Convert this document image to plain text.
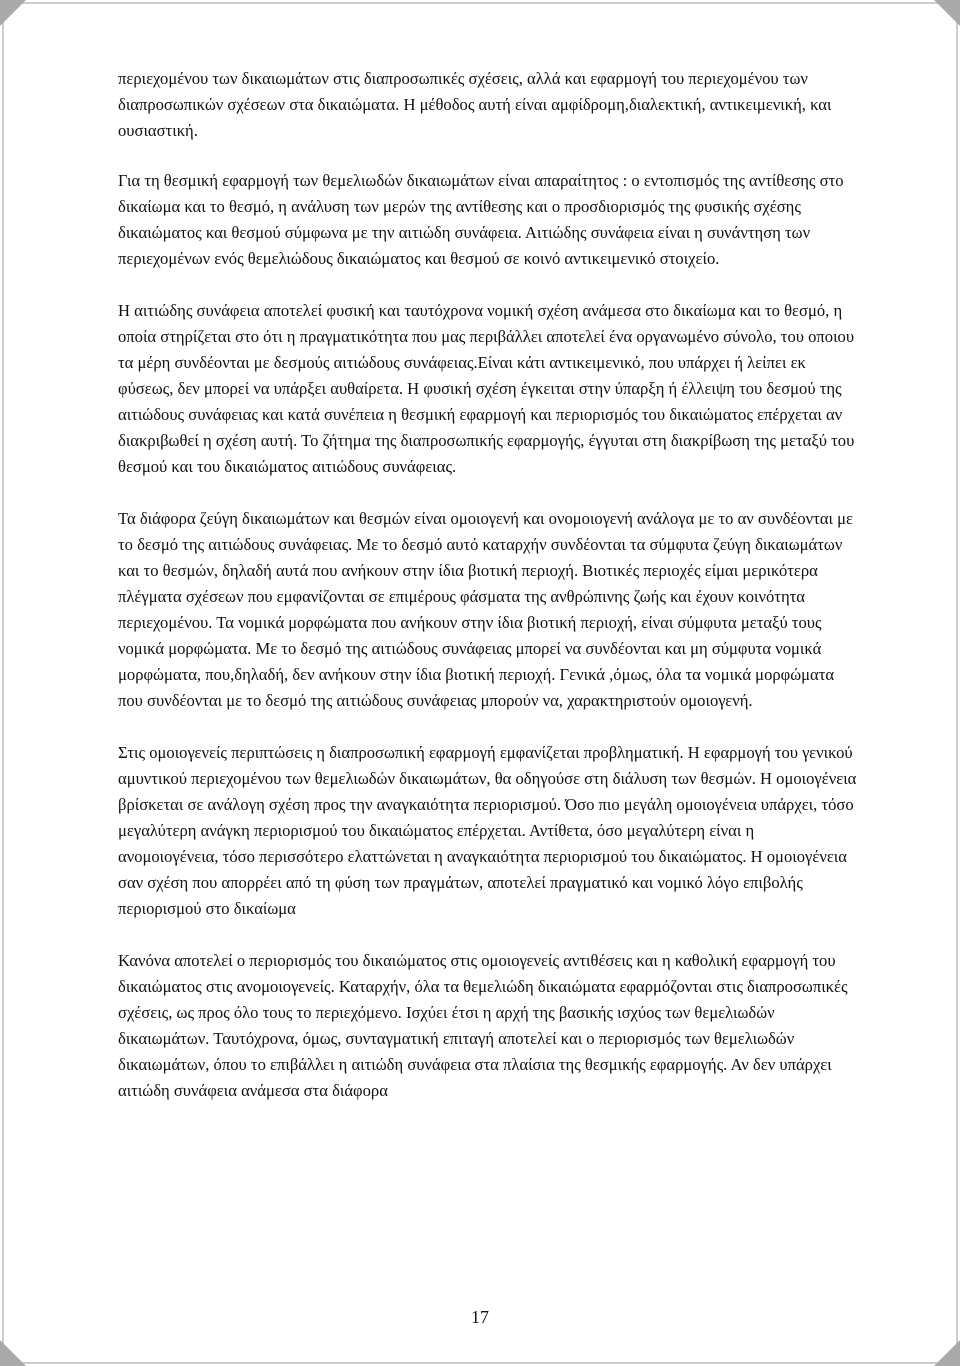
περιεχομένου των δικαιωμάτων στις διαπροσωπικές σχέσεις, αλλά και εφαρμογή του περιεχομένου των διαπροσωπικών σχέσεων στα δικαιώματα. Η μέθοδος αυτή είναι αμφίδρομη,διαλεκτική, αντικειμενική, και ουσιαστική.

Για τη θεσμική εφαρμογή των θεμελιωδών δικαιωμάτων είναι απαραίτητος : ο εντοπισμός της αντίθεσης στο δικαίωμα και το θεσμό, η ανάλυση των μερών της αντίθεσης και ο προσδιορισμός της φυσικής σχέσης δικαιώματος και θεσμού σύμφωνα με την αιτιώδη συνάφεια. Αιτιώδης συνάφεια είναι η συνάντηση των περιεχομένων ενός θεμελιώδους δικαιώματος και θεσμού σε κοινό αντικειμενικό στοιχείο.

Η αιτιώδης συνάφεια αποτελεί φυσική και ταυτόχρονα νομική σχέση ανάμεσα στο δικαίωμα και το θεσμό, η οποία στηρίζεται στο ότι η πραγματικότητα που μας περιβάλλει αποτελεί ένα οργανωμένο σύνολο, του οποιου τα μέρη συνδέονται με δεσμούς αιτιώδους συνάφειας.Είναι κάτι αντικειμενικό, που υπάρχει ή λείπει εκ φύσεως, δεν μπορεί να υπάρξει αυθαίρετα. Η φυσική σχέση έγκειται στην ύπαρξη ή έλλειψη του δεσμού της αιτιώδους συνάφειας και κατά συνέπεια η θεσμική εφαρμογή και περιορισμός του δικαιώματος επέρχεται αν διακριβωθεί η σχέση αυτή. Το ζήτημα της διαπροσωπικής εφαρμογής, έγγυται στη διακρίβωση της μεταξύ του θεσμού και του δικαιώματος αιτιώδους συνάφειας.

Τα διάφορα ζεύγη δικαιωμάτων και θεσμών είναι ομοιογενή και ονομοιογενή ανάλογα με το αν συνδέονται με το δεσμό της αιτιώδους συνάφειας. Με το δεσμό αυτό καταρχήν συνδέονται τα σύμφυτα ζεύγη δικαιωμάτων και το θεσμών, δηλαδή αυτά που ανήκουν στην ίδια βιοτική περιοχή. Βιοτικές περιοχές είμαι μερικότερα πλέγματα σχέσεων που εμφανίζονται σε επιμέρους φάσματα της ανθρώπινης ζωής και έχουν κοινότητα περιεχομένου. Τα νομικά μορφώματα που ανήκουν στην ίδια βιοτική περιοχή, είναι σύμφυτα μεταξύ τους νομικά μορφώματα. Με το δεσμό της αιτιώδους συνάφειας μπορεί να συνδέονται και μη σύμφυτα νομικά μορφώματα, που,δηλαδή, δεν ανήκουν στην ίδια βιοτική περιοχή. Γενικά ,όμως, όλα τα νομικά μορφώματα που συνδέονται με το δεσμό της αιτιώδους συνάφειας μπορούν να, χαρακτηριστούν ομοιογενή.

Στις ομοιογενείς περιπτώσεις η διαπροσωπική εφαρμογή εμφανίζεται προβληματική. Η εφαρμογή του γενικού αμυντικού περιεχομένου των θεμελιωδών δικαιωμάτων, θα οδηγούσε στη διάλυση των θεσμών. Η ομοιογένεια βρίσκεται σε ανάλογη σχέση προς την αναγκαιότητα περιορισμού. Όσο πιο μεγάλη ομοιογένεια υπάρχει, τόσο μεγαλύτερη ανάγκη περιορισμού του δικαιώματος επέρχεται. Αντίθετα, όσο μεγαλύτερη είναι η ανομοιογένεια, τόσο περισσότερο ελαττώνεται η αναγκαιότητα περιορισμού του δικαιώματος. Η ομοιογένεια σαν σχέση που απορρέει από τη φύση των πραγμάτων, αποτελεί πραγματικό και νομικό λόγο επιβολής περιορισμού στο δικαίωμα

Κανόνα αποτελεί ο περιορισμός του δικαιώματος στις ομοιογενείς αντιθέσεις και η καθολική εφαρμογή του δικαιώματος στις ανομοιογενείς. Καταρχήν, όλα τα θεμελιώδη δικαιώματα εφαρμόζονται στις διαπροσωπικές σχέσεις, ως προς όλο τους το περιεχόμενο. Ισχύει έτσι η αρχή της βασικής ισχύος των θεμελιωδών δικαιωμάτων. Ταυτόχρονα, όμως, συνταγματική επιταγή αποτελεί και ο περιορισμός των θεμελιωδών δικαιωμάτων, όπου το επιβάλλει η αιτιώδη συνάφεια στα πλαίσια της θεσμικής εφαρμογής. Αν δεν υπάρχει αιτιώδη συνάφεια ανάμεσα στα διάφορα

17
